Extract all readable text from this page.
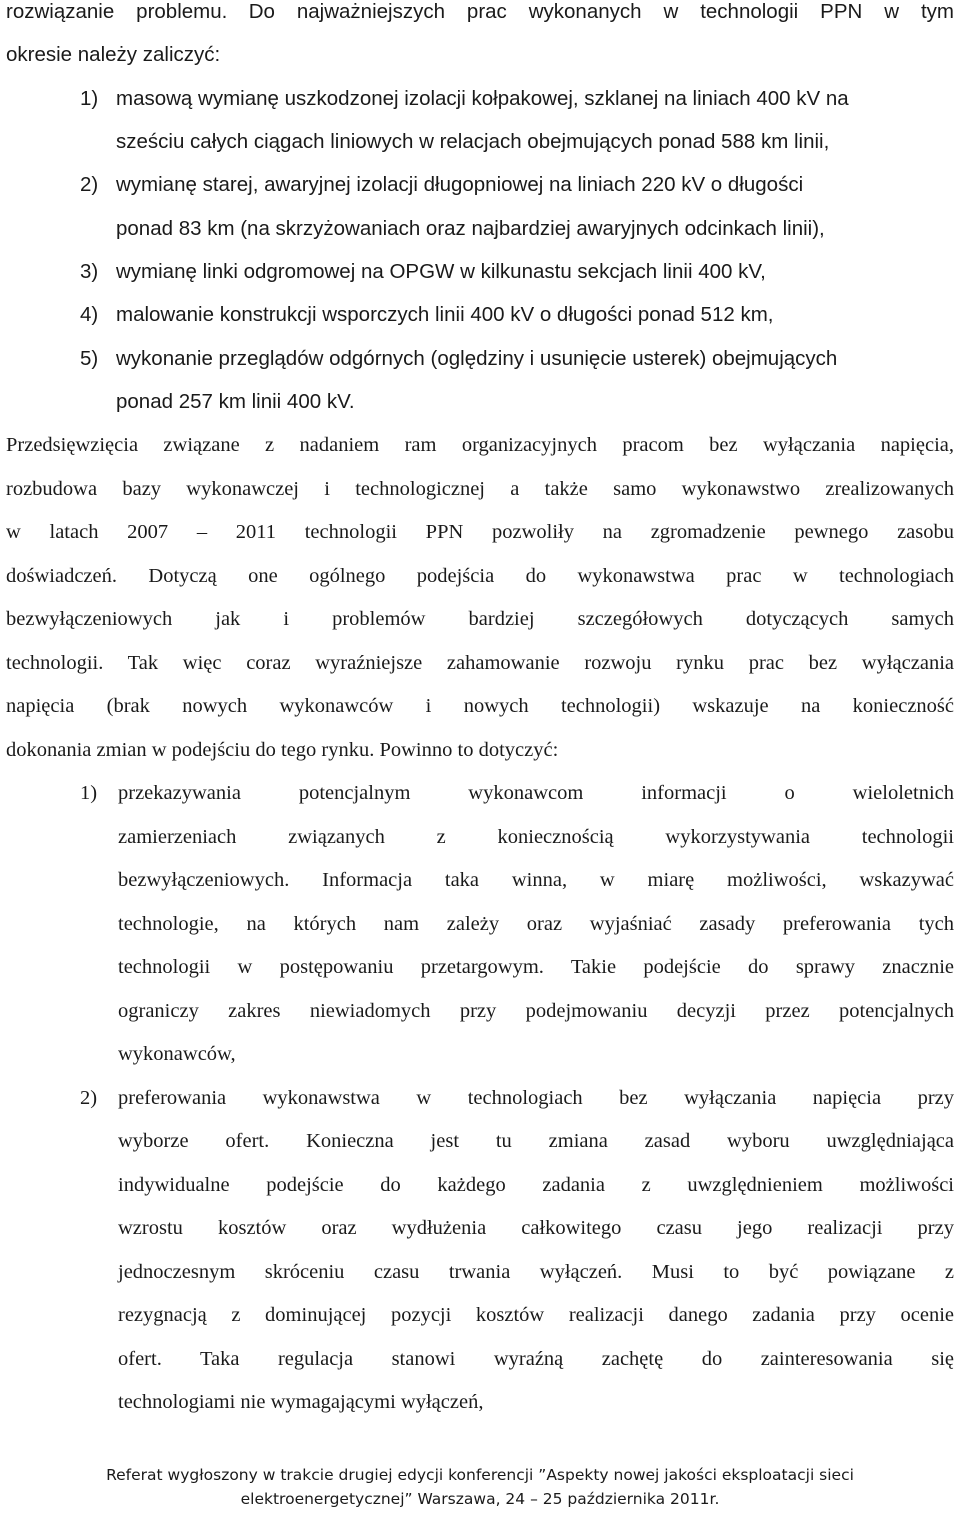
rozwiązanie problemu. Do najważniejszych prac wykonanych w technologii PPN w tym
okresie należy zaliczyć:
1) masową wymianę uszkodzonej izolacji kołpakowej, szklanej na liniach 400 kV na
sześciu całych ciągach liniowych w relacjach obejmujących ponad 588 km linii,
2) wymianę starej, awaryjnej izolacji długopniowej na liniach 220 kV o długości
ponad 83 km (na skrzyżowaniach oraz najbardziej awaryjnych odcinkach linii),
3) wymianę linki odgromowej na OPGW w kilkunastu sekcjach linii 400 kV,
4) malowanie konstrukcji wsporczych linii 400 kV o długości ponad 512 km,
5) wykonanie przeglądów odgórnych (oględziny i usunięcie usterek) obejmujących
ponad 257 km linii 400 kV.
Przedsięwzięcia związane z nadaniem ram organizacyjnych pracom bez wyłączania napięcia,
rozbudowa bazy wykonawczej i technologicznej a także samo wykonawstwo zrealizowanych
w latach 2007 – 2011 technologii PPN pozwoliły na zgromadzenie pewnego zasobu
doświadczeń. Dotyczą one ogólnego podejścia do wykonawstwa prac w technologiach
bezwyłączeniowych jak i problemów bardziej szczegółowych dotyczących samych
technologii. Tak więc coraz wyraźniejsze zahamowanie rozwoju rynku prac bez wyłączania
napięcia (brak nowych wykonawców i nowych technologii) wskazuje na konieczność
dokonania zmian w podejściu do tego rynku. Powinno to dotyczyć:
1) przekazywania potencjalnym wykonawcom informacji o wieloletnich
zamierzeniach związanych z koniecznością wykorzystywania technologii
bezwyłączeniowych. Informacja taka winna, w miarę możliwości, wskazywać
technologie, na których nam zależy oraz wyjaśniać zasady preferowania tych
technologii w postępowaniu przetargowym. Takie podejście do sprawy znacznie
ograniczy zakres niewiadomych przy podejmowaniu decyzji przez potencjalnych
wykonawców,
2) preferowania wykonawstwa w technologiach bez wyłączania napięcia przy
wyborze ofert. Konieczna jest tu zmiana zasad wyboru uwzględniająca
indywidualne podejście do każdego zadania z uwzględnieniem możliwości
wzrostu kosztów oraz wydłużenia całkowitego czasu jego realizacji przy
jednoczesnym skróceniu czasu trwania wyłączeń. Musi to być powiązane z
rezygnacją z dominującej pozycji kosztów realizacji danego zadania przy ocenie
ofert. Taka regulacja stanowi wyraźną zachętę do zainteresowania się
technologiami nie wymagającymi wyłączeń,
Referat wygłoszony w trakcie drugiej edycji konferencji ”Aspekty nowej jakości eksploatacji sieci
elektroenergetycznej” Warszawa, 24 – 25 października 2011r.
